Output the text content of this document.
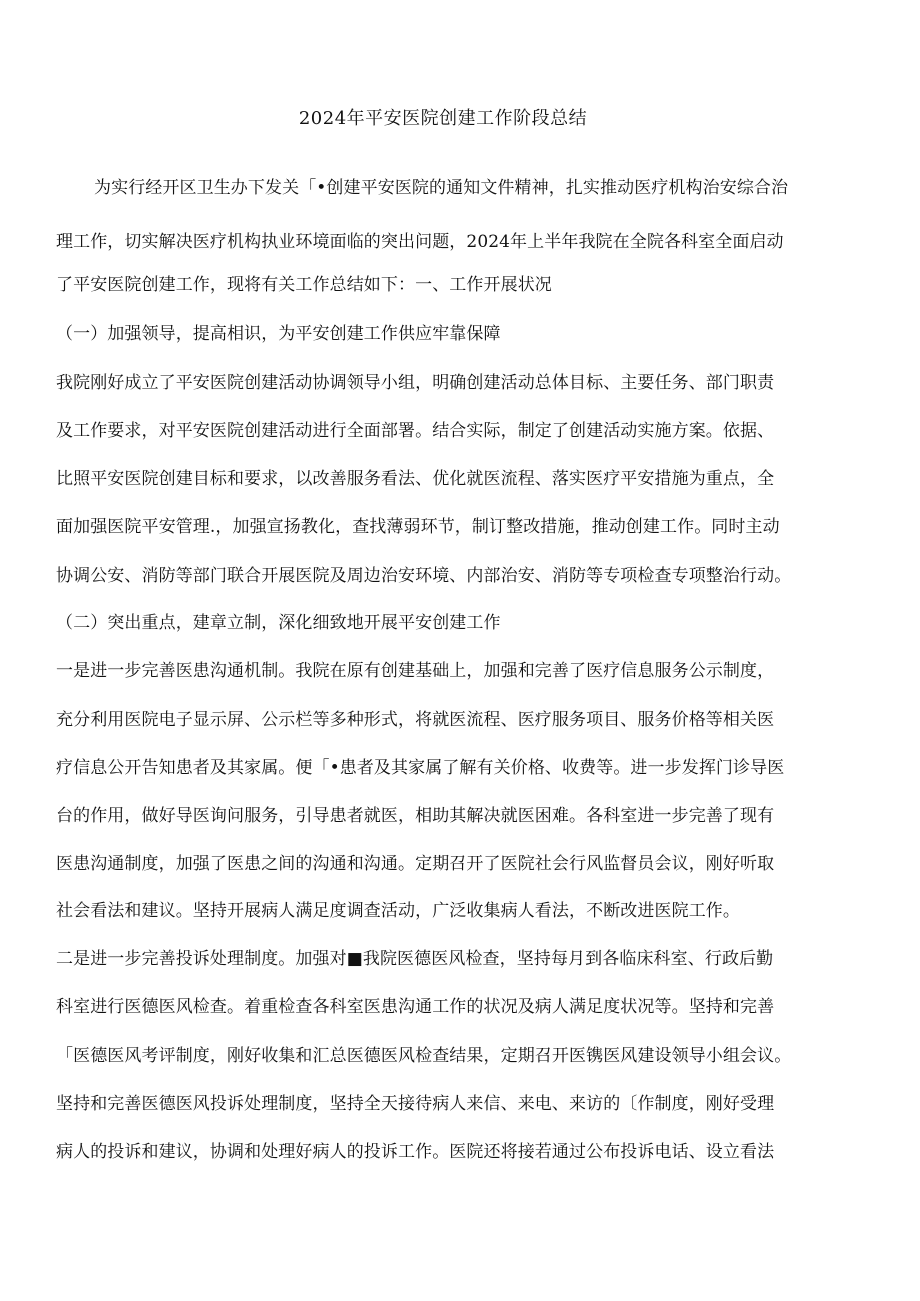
2024年平安医院创建工作阶段总结
为实行经开区卫生办下发关「•创建平安医院的通知文件精神，扎实推动医疗机构治安综合治
理工作，切实解决医疗机构执业环境面临的突出问题，2024年上半年我院在全院各科室全面启动
了平安医院创建工作，现将有关工作总结如下：一、工作开展状况
（一）加强领导，提高相识，为平安创建工作供应牢靠保障
我院刚好成立了平安医院创建活动协调领导小组，明确创建活动总体目标、主要任务、部门职责
及工作要求，对平安医院创建活动进行全面部署。结合实际，制定了创建活动实施方案。依据、
比照平安医院创建目标和要求，以改善服务看法、优化就医流程、落实医疗平安措施为重点，全
面加强医院平安管理.，加强宣扬教化，查找薄弱环节，制订整改措施，推动创建工作。同时主动
协调公安、消防等部门联合开展医院及周边治安环境、内部治安、消防等专项检查专项整治行动。
（二）突出重点，建章立制，深化细致地开展平安创建工作
一是进一步完善医患沟通机制。我院在原有创建基础上，加强和完善了医疗信息服务公示制度，
充分利用医院电子显示屏、公示栏等多种形式，将就医流程、医疗服务项目、服务价格等相关医
疗信息公开告知患者及其家属。便「•患者及其家属了解有关价格、收费等。进一步发挥门诊导医
台的作用，做好导医询问服务，引导患者就医，相助其解决就医困难。各科室进一步完善了现有
医患沟通制度，加强了医患之间的沟通和沟通。定期召开了医院社会行风监督员会议，刚好听取
社会看法和建议。坚持开展病人满足度调查活动，广泛收集病人看法，不断改进医院工作。
二是进一步完善投诉处理制度。加强对■我院医德医风检查，坚持每月到各临床科室、行政后勤
科室进行医德医风检查。着重检查各科室医患沟通工作的状况及病人满足度状况等。坚持和完善
「医德医风考评制度，刚好收集和汇总医德医风检查结果，定期召开医镌医风建设领导小组会议。
坚持和完善医德医风投诉处理制度，坚持全天接待病人来信、来电、来访的〔作制度，刚好受理
病人的投诉和建议，协调和处理好病人的投诉工作。医院还将接若通过公布投诉电话、设立看法
